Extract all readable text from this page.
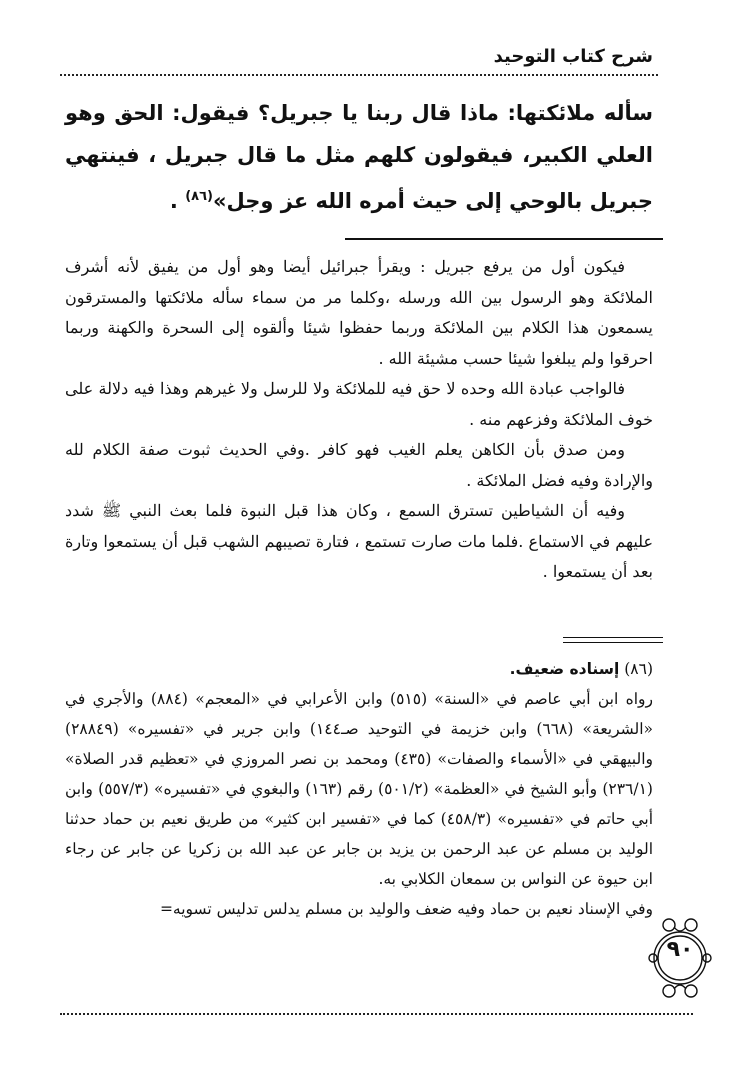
شرح كتاب التوحيد
سأله ملائكتها: ماذا قال ربنا يا جبريل؟ فيقول: الحق وهو العلي الكبير، فيقولون كلهم مثل ما قال جبريل ، فينتهي جبريل بالوحي إلى حيث أمره الله عز وجل»$^{(٨٦)}$ .

فيكون أول من يرفع جبريل : ويقرأ جبرائيل أيضا وهو أول من يفيق لأنه أشرف الملائكة وهو الرسول بين الله ورسله ،وكلما مر من سماء سأله ملائكتها والمسترقون يسمعون هذا الكلام بين الملائكة وربما حفظوا شيئا وألقوه إلى السحرة والكهنة وربما احرقوا ولم يبلغوا شيئا حسب مشيئة الله .

فالواجب عبادة الله وحده لا حق فيه للملائكة ولا للرسل ولا غيرهم وهذا فيه دلالة على خوف الملائكة وفزعهم منه .

ومن صدق بأن الكاهن يعلم الغيب فهو كافر .وفي الحديث ثبوت صفة الكلام لله والإرادة وفيه فضل الملائكة .

وفيه أن الشياطين تسترق السمع ، وكان هذا قبل النبوة فلما بعث النبي ﷺ شدد عليهم في الاستماع .فلما مات صارت تستمع ، فتارة تصيبهم الشهب قبل أن يستمعوا وتارة بعد أن يستمعوا .

(٨٦) إسناده ضعيف.

رواه ابن أبي عاصم في «السنة» (٥١٥) وابن الأعرابي في «المعجم» (٨٨٤) والأجري في «الشريعة» (٦٦٨) وابن خزيمة في التوحيد صـ١٤٤) وابن جرير في «تفسيره» (٢٨٨٤٩) والبيهقي في «الأسماء والصفات» (٤٣٥) ومحمد بن نصر المروزي في «تعظيم قدر الصلاة» (٢٣٦/١) وأبو الشيخ في «العظمة» (٥٠١/٢) رقم (١٦٣) والبغوي في «تفسيره» (٥٥٧/٣) وابن أبي حاتم في «تفسيره» (٤٥٨/٣) كما في «تفسير ابن كثير» من طريق نعيم بن حماد حدثنا الوليد بن مسلم عن عبد الرحمن بن يزيد بن جابر عن عبد الله بن زكريا عن جابر عن رجاء ابن حيوة عن النواس بن سمعان الكلابي به.

وفي الإسناد نعيم بن حماد وفيه ضعف والوليد بن مسلم يدلس تدليس تسويه=

٩٠
